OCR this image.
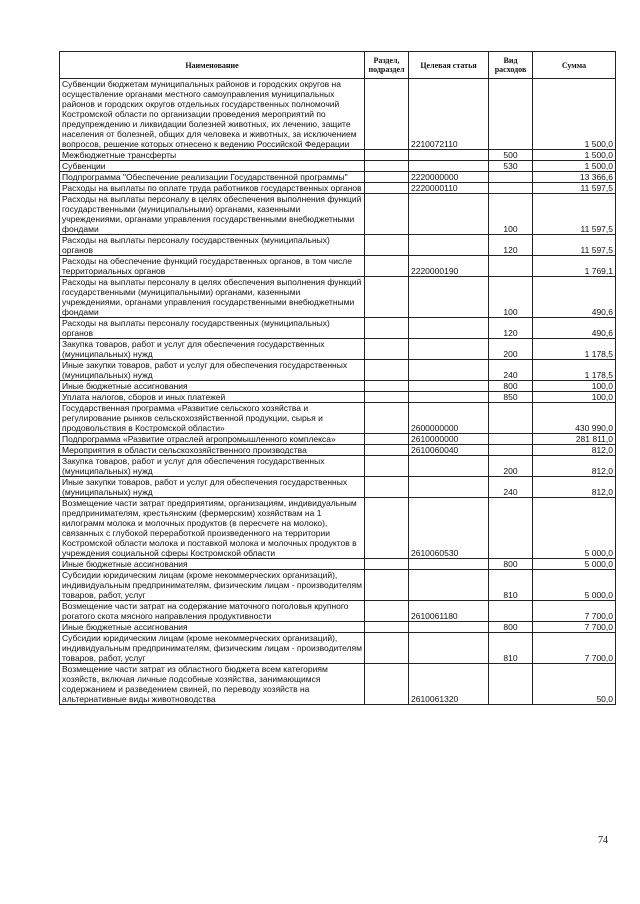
Наименование	Раздел, подраздел	Целевая статья	Вид расходов	Сумма
Субвенции бюджетам муниципальных районов и городских округов на осуществление органами местного самоуправления муниципальных районов и городских округов отдельных государственных полномочий Костромской области по организации проведения мероприятий по предупреждению и ликвидации болезней животных, их лечению, защите населения от болезней, общих для человека и животных, за исключением вопросов, решение которых отнесено к ведению Российской Федерации		2210072110		1 500,0
Межбюджетные трансферты			500	1 500,0
Субвенции			530	1 500,0
Подпрограмма "Обеспечение реализации Государственной программы"		2220000000		13 366,6
Расходы на выплаты по оплате труда работников государственных органов		2220000110		11 597,5
Расходы на выплаты персоналу в целях обеспечения выполнения функций государственными (муниципальными) органами, казенными учреждениями, органами управления государственными внебюджетными фондами			100	11 597,5
Расходы на выплаты персоналу государственных (муниципальных) органов			120	11 597,5
Расходы на обеспечение функций государственных органов, в том числе территориальных органов		2220000190		1 769,1
Расходы на выплаты персоналу в целях обеспечения выполнения функций государственными (муниципальными) органами, казенными учреждениями, органами управления государственными внебюджетными фондами			100	490,6
Расходы на выплаты персоналу государственных (муниципальных) органов			120	490,6
Закупка товаров, работ и услуг для обеспечения государственных (муниципальных) нужд			200	1 178,5
Иные закупки товаров, работ и услуг для обеспечения государственных (муниципальных) нужд			240	1 178,5
Иные бюджетные ассигнования			800	100,0
Уплата налогов, сборов и иных платежей			850	100,0
Государственная программа «Развитие сельского хозяйства и регулирование рынков сельскохозяйственной продукции, сырья и продовольствия в Костромской области»		2600000000		430 990,0
Подпрограмма «Развитие отраслей агропромышленного комплекса»		2610000000		281 811,0
Мероприятия в области сельскохозяйственного производства		2610060040		812,0
Закупка товаров, работ и услуг для обеспечения государственных (муниципальных) нужд			200	812,0
Иные закупки товаров, работ и услуг для обеспечения государственных (муниципальных) нужд			240	812,0
Возмещение части затрат предприятиям, организациям, индивидуальным предпринимателям, крестьянским (фермерским) хозяйствам на 1 килограмм молока и молочных продуктов (в пересчете на молоко), связанных с глубокой переработкой произведенного на территории Костромской области молока и поставкой молока и молочных продуктов в учреждения социальной сферы Костромской области		2610060530		5 000,0
Иные бюджетные ассигнования			800	5 000,0
Субсидии юридическим лицам (кроме некоммерческих организаций), индивидуальным предпринимателям, физическим лицам - производителям товаров, работ, услуг			810	5 000,0
Возмещение части затрат на содержание маточного поголовья крупного рогатого скота мясного направления продуктивности		2610061180		7 700,0
Иные бюджетные ассигнования			800	7 700,0
Субсидии юридическим лицам (кроме некоммерческих организаций), индивидуальным предпринимателям, физическим лицам - производителям товаров, работ, услуг			810	7 700,0
Возмещение части затрат из областного бюджета всем категориям хозяйств, включая личные подсобные хозяйства, занимающимся содержанием и разведением свиней, по переводу хозяйств на альтернативные виды животноводства		2610061320		50,0
74
